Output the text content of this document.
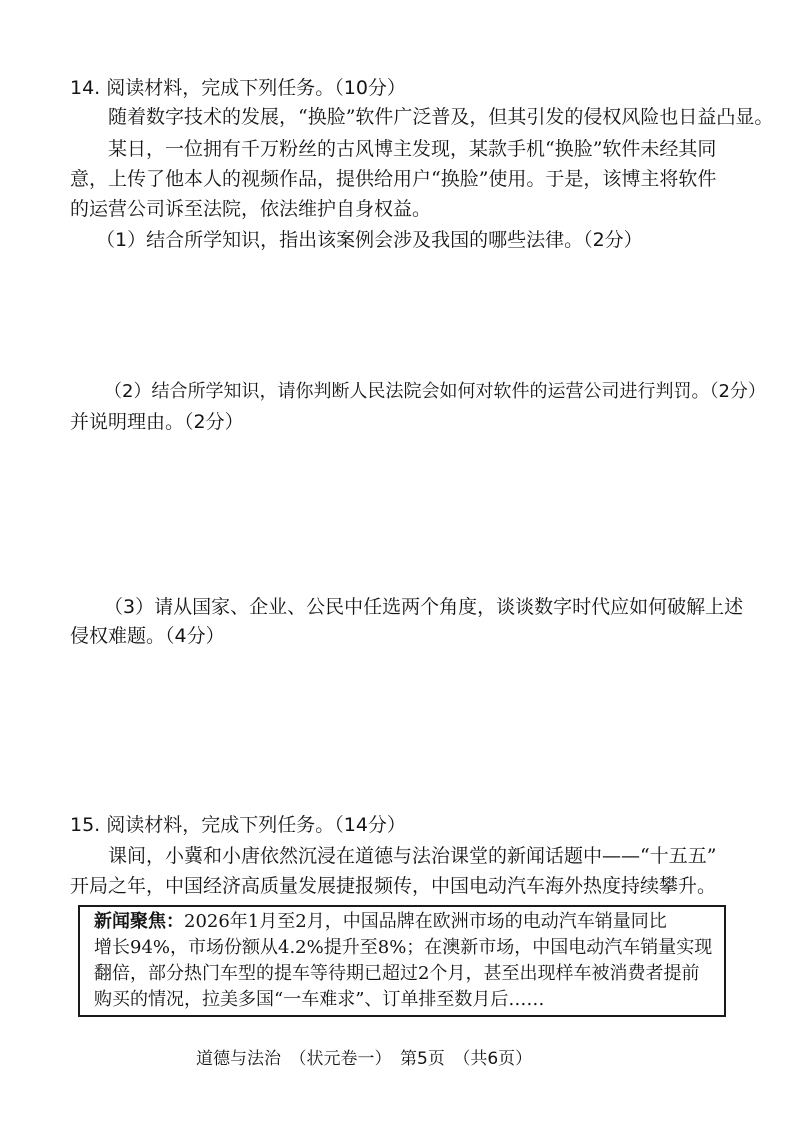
14. 阅读材料，完成下列任务。（10分）
随着数字技术的发展，“换脸”软件广泛普及，但其引发的侵权风险也日益凸显。
某日，一位拥有千万粉丝的古风博主发现，某款手机“换脸”软件未经其同
意，上传了他本人的视频作品，提供给用户“换脸”使用。于是，该博主将软件
的运营公司诉至法院，依法维护自身权益。
（1）结合所学知识，指出该案例会涉及我国的哪些法律。（2分）
（2）结合所学知识，请你判断人民法院会如何对软件的运营公司进行判罚。（2分）
并说明理由。（2分）
（3）请从国家、企业、公民中任选两个角度，谈谈数字时代应如何破解上述
侵权难题。（4分）
15. 阅读材料，完成下列任务。（14分）
课间，小冀和小唐依然沉浸在道德与法治课堂的新闻话题中——“十五五”
开局之年，中国经济高质量发展捷报频传，中国电动汽车海外热度持续攀升。
新闻聚焦：2026年1月至2月，中国品牌在欧洲市场的电动汽车销量同比
增长94%，市场份额从4.2%提升至8%；在澳新市场，中国电动汽车销量实现
翻倍，部分热门车型的提车等待期已超过2个月，甚至出现样车被消费者提前
购买的情况，拉美多国“一车难求”、订单排至数月后……
道德与法治　（状元卷一）　第5页　（共6页）
